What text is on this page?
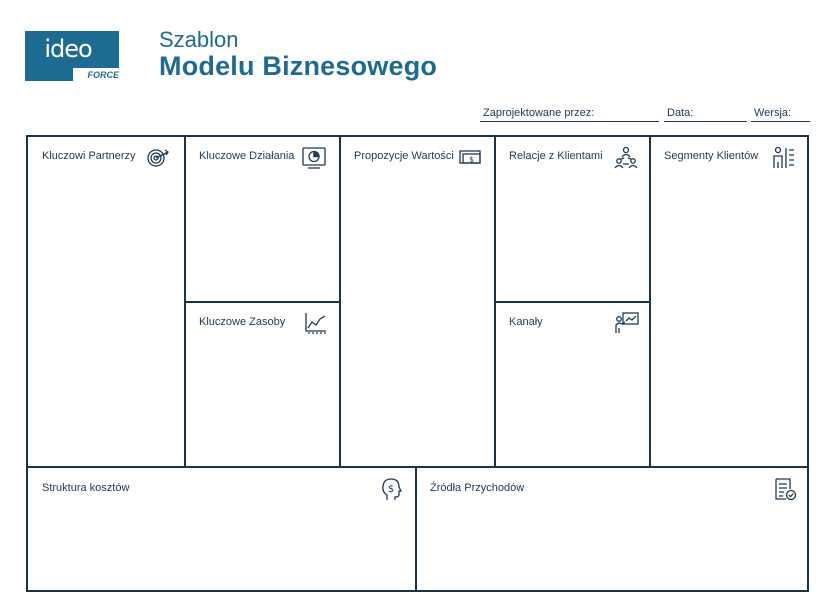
ideo
FORCE
Szablon
Modelu Biznesowego
Zaprojektowane przez:	Data:	Wersja:
Kluczowi Partnerzy	Kluczowe Działania
Kluczowe Zasoby
Propozycje Wartości $	Relacje z Klientami
Kanały
Segmenty Klientów
Struktura kosztów	$	Źródła Przychodów
